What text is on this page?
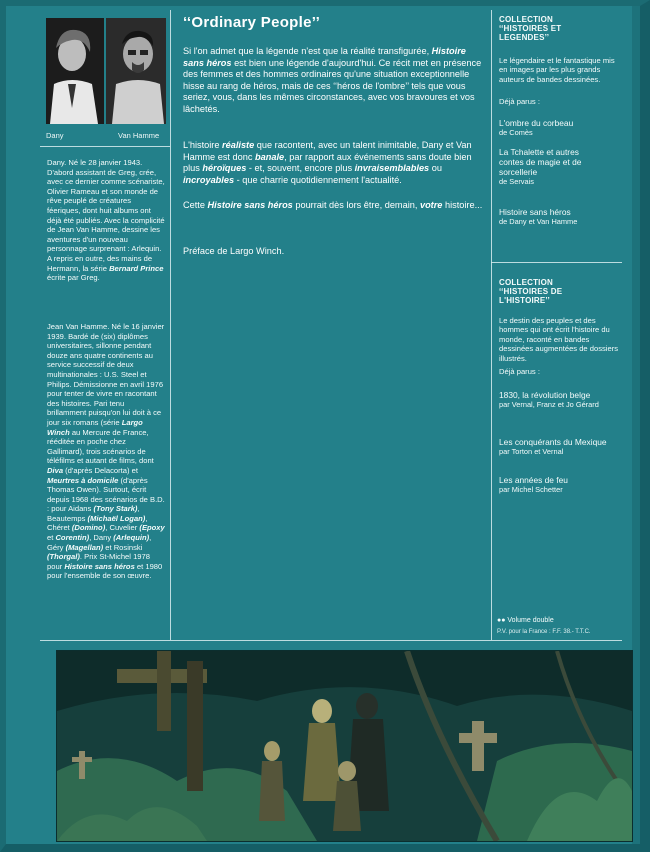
Dany	Van Hamme
Dany. Né le 28 janvier 1943. D'abord assistant de Greg, crée, avec ce dernier comme scénariste, Olivier Rameau et son monde de rêve peuplé de créatures féeriques, dont huit albums ont déjà été publiés. Avec la complicité de Jean Van Hamme, dessine les aventures d'un nouveau personnage surprenant : Arlequin. A repris en outre, des mains de Hermann, la série Bernard Prince écrite par Greg.
Jean Van Hamme. Né le 16 janvier 1939. Bardé de (six) diplômes universitaires, sillonne pendant douze ans quatre continents au service successif de deux multinationales : U.S. Steel et Philips. Démissionne en avril 1976 pour tenter de vivre en racontant des histoires. Pari tenu brillamment puisqu'on lui doit à ce jour six romans (série Largo Winch au Mercure de France, rééditée en poche chez Gallimard), trois scénarios de téléfilms et autant de films, dont Diva (d'après Delacorta) et Meurtres à domicile (d'après Thomas Owen). Surtout, écrit depuis 1968 des scénarios de B.D. : pour Aidans (Tony Stark), Beautemps (Michaël Logan), Chéret (Domino), Cuvelier (Epoxy et Corentin), Dany (Arlequin), Géry (Magellan) et Rosinski (Thorgal). Prix St-Michel 1978 pour Histoire sans héros et 1980 pour l'ensemble de son œuvre.
‘‘Ordinary People’’
Si l'on admet que la légende n'est que la réalité transfigurée, Histoire sans héros est bien une légende d'aujourd'hui. Ce récit met en présence des femmes et des hommes ordinaires qu'une situation exceptionnelle hisse au rang de héros, mais de ces ‘‘héros de l'ombre’’ tels que vous seriez, vous, dans les mêmes circonstances, avec vos bravoures et vos lâchetés.
L'histoire réaliste que racontent, avec un talent inimitable, Dany et Van Hamme est donc banale, par rapport aux événements sans doute bien plus héroïques - et, souvent, encore plus invraisemblables ou incroyables - que charrie quotidiennement l'actualité.
Cette Histoire sans héros pourrait dès lors être, demain, votre histoire...
Préface de Largo Winch.
COLLECTION ‘‘HISTOIRES ET LEGENDES’’
Le légendaire et le fantastique mis en images par les plus grands auteurs de bandes dessinées.
Déjà parus :
L'ombre du corbeau
de Comès
La Tchalette et autres contes de magie et de sorcellerie
de Servais
Histoire sans héros
de Dany et Van Hamme
COLLECTION ‘‘HISTOIRES DE L'HISTOIRE’’
Le destin des peuples et des hommes qui ont écrit l'histoire du monde, raconté en bandes dessinées augmentées de dossiers illustrés.
Déjà parus :
1830, la révolution belge
par Vernal, Franz et Jo Gérard
Les conquérants du Mexique
par Torton et Vernal
Les années de feu
par Michel Schetter
●● Volume double
P.V. pour la France : F.F. 38.- T.T.C.
